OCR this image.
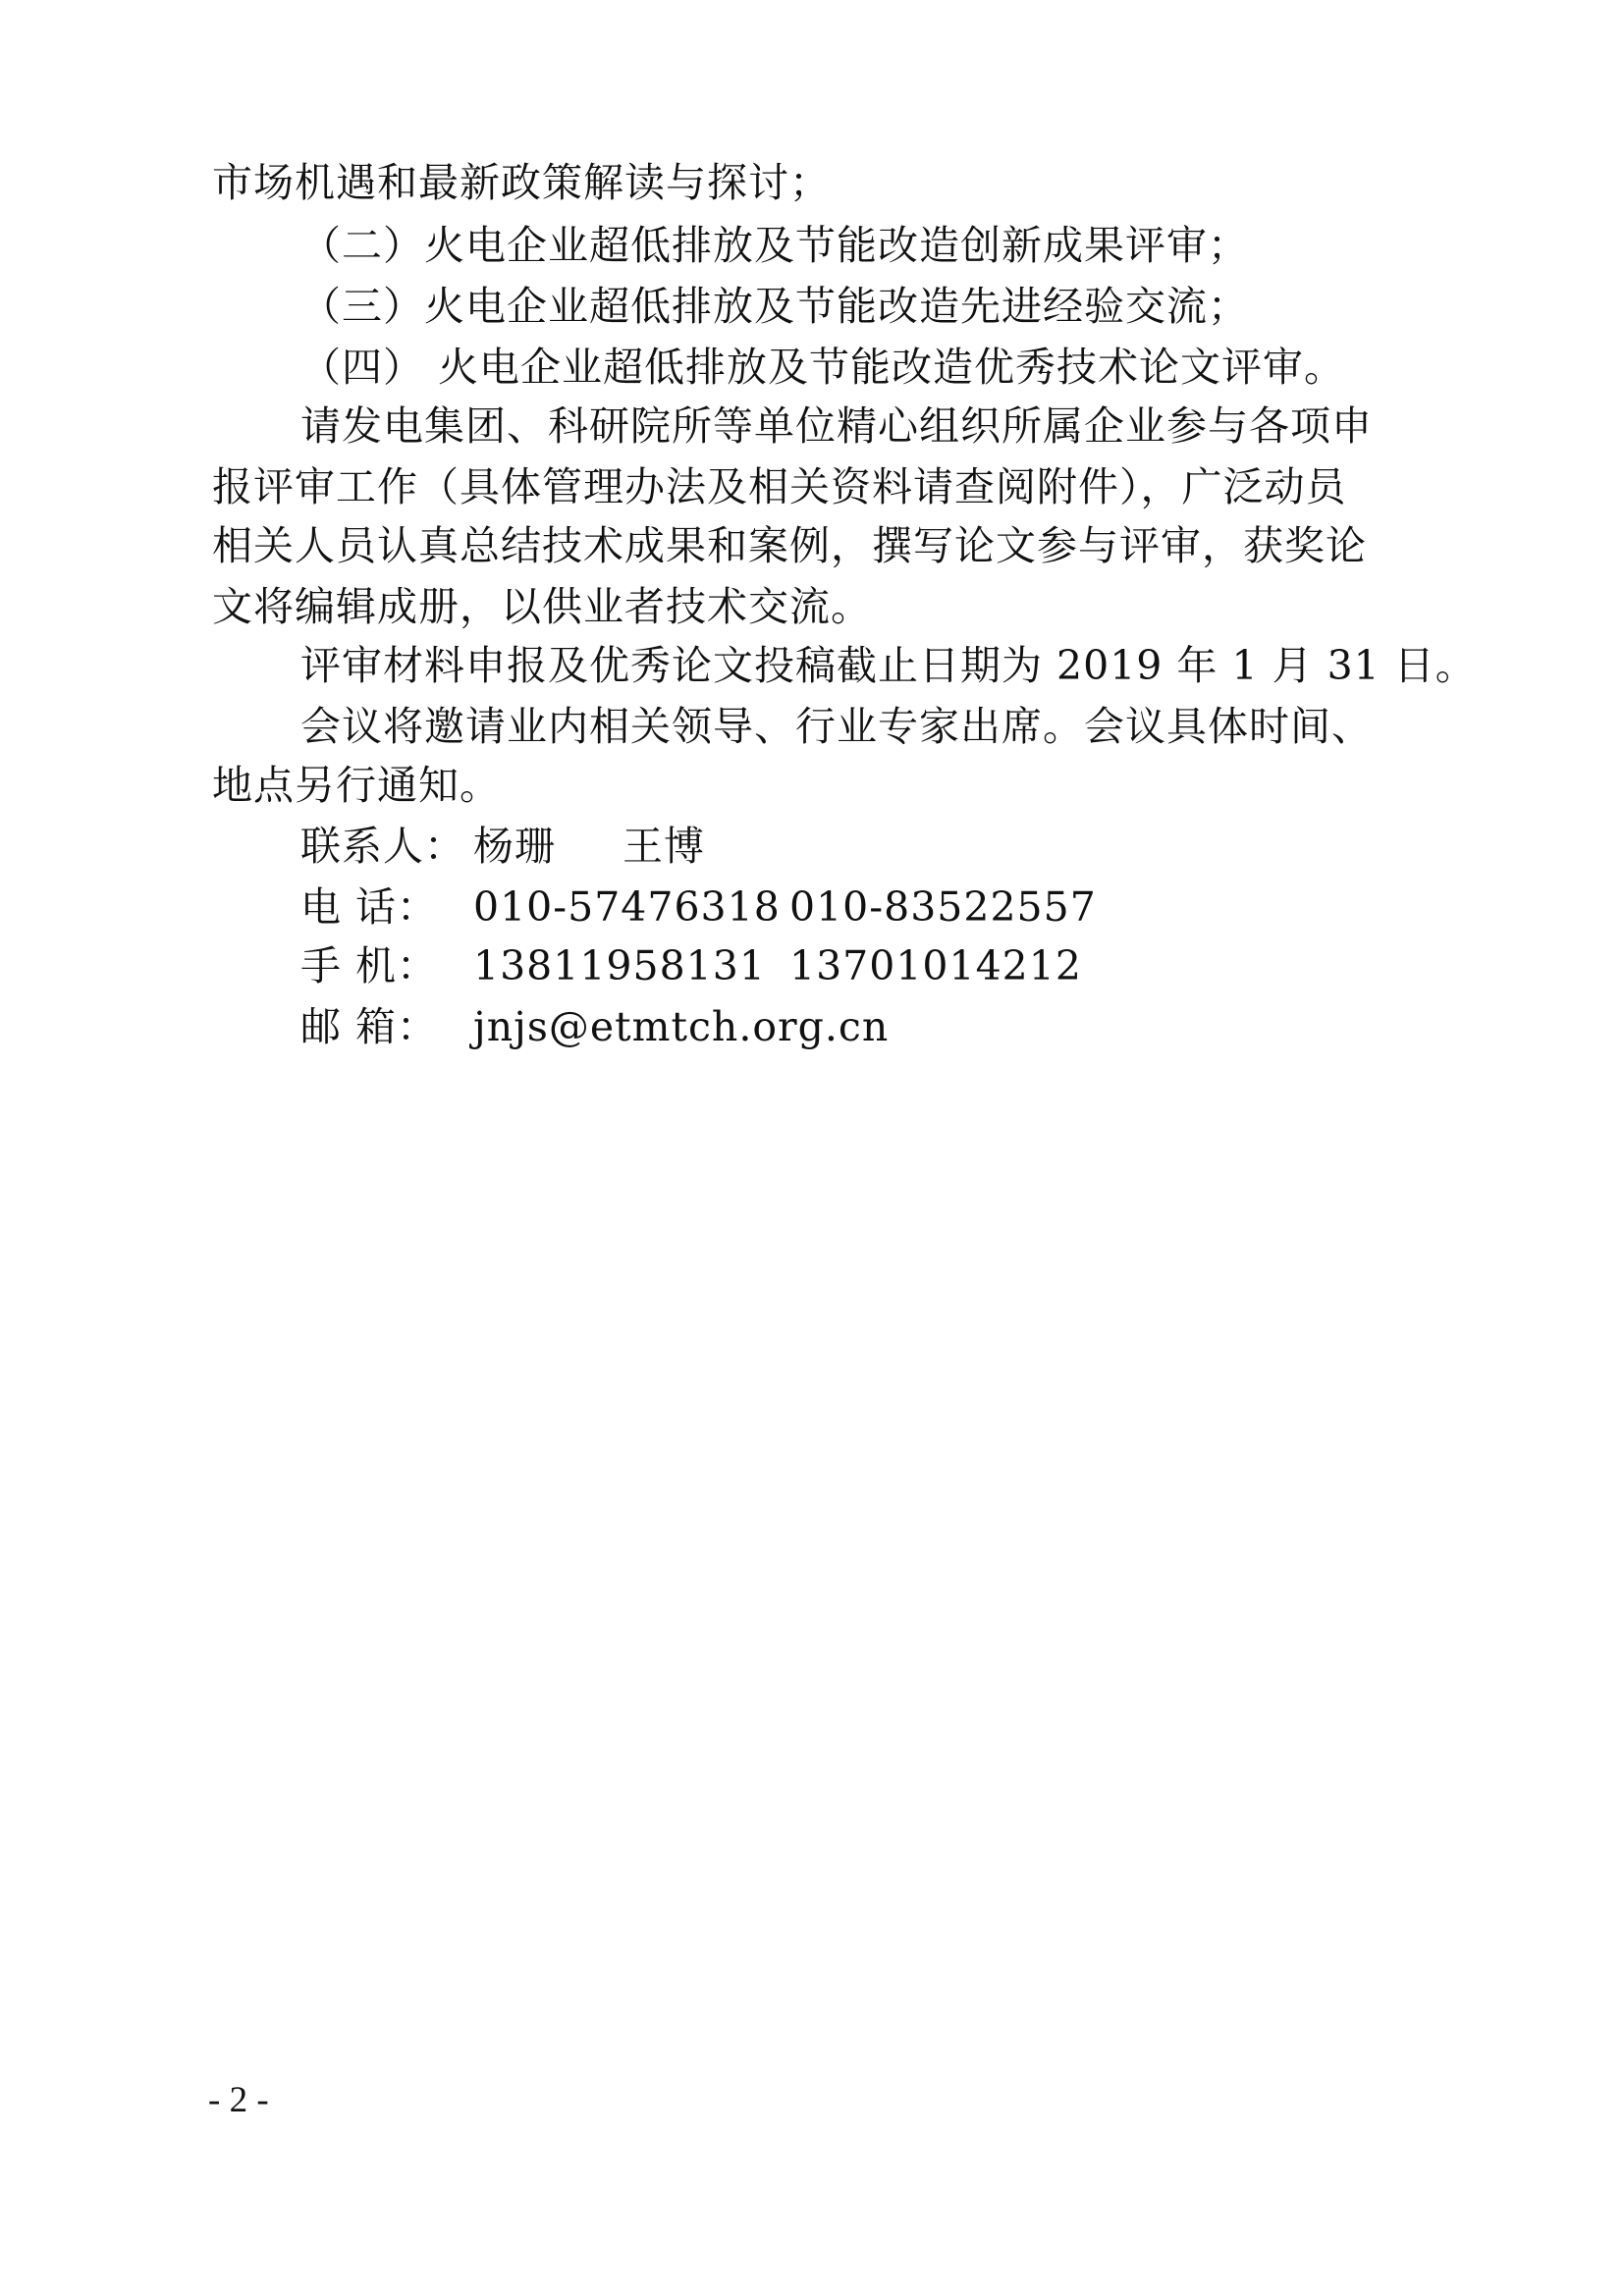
市场机遇和最新政策解读与探讨；
（二）火电企业超低排放及节能改造创新成果评审；
（三）火电企业超低排放及节能改造先进经验交流；
（四） 火电企业超低排放及节能改造优秀技术论文评审。
请发电集团、科研院所等单位精心组织所属企业参与各项申
报评审工作（具体管理办法及相关资料请查阅附件），广泛动员
相关人员认真总结技术成果和案例，撰写论文参与评审，获奖论
文将编辑成册，以供业者技术交流。
评审材料申报及优秀论文投稿截止日期为 2019 年 1 月 31 日。
会议将邀请业内相关领导、行业专家出席。会议具体时间、
地点另行通知。
联系人： 杨珊 王博
电 话： 010-57476318 010-83522557
手 机： 13811958131 13701014212
邮 箱： jnjs@etmtch.org.cn
- 2 -
